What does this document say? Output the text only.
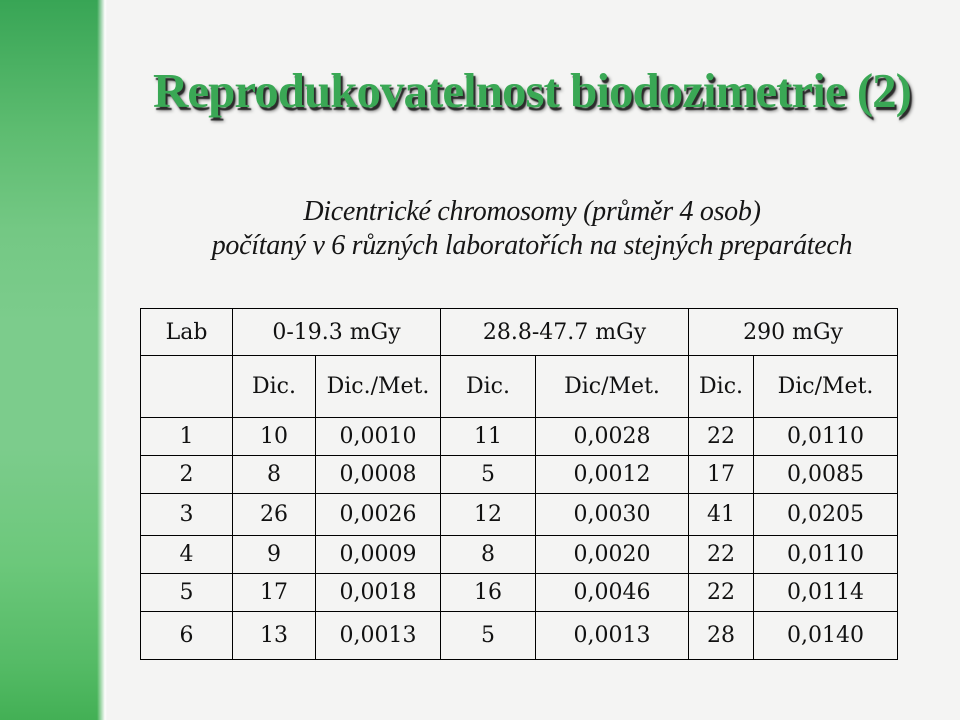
Reprodukovatelnost biodozimetrie (2)
Dicentrické chromosomy (průměr 4 osob)
počítaný v 6 různých laboratořích na stejných preparátech
Lab	0-19.3 mGy		28.8-47.7 mGy		290 mGy	
	Dic.	Dic./Met.	Dic.	Dic/Met.	Dic.	Dic/Met.
1	10	0,0010	11	0,0028	22	0,0110
2	8	0,0008	5	0,0012	17	0,0085
3	26	0,0026	12	0,0030	41	0,0205
4	9	0,0009	8	0,0020	22	0,0110
5	17	0,0018	16	0,0046	22	0,0114
6	13	0,0013	5	0,0013	28	0,0140
